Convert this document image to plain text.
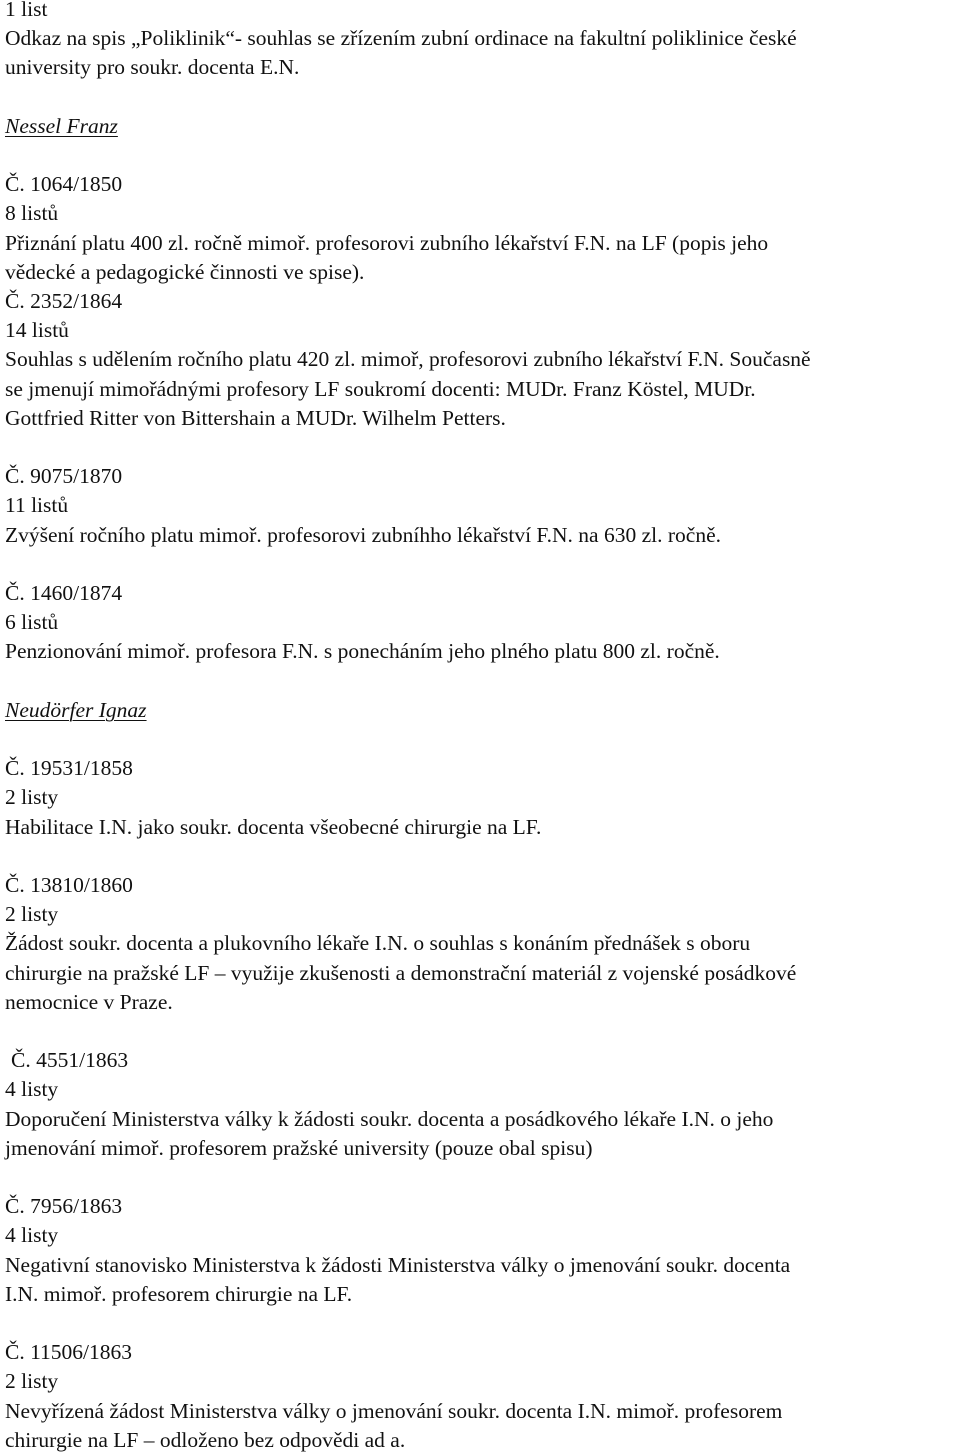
1 list
Odkaz na spis „Poliklinik“- souhlas se zřízením zubní ordinace na fakultní poliklinice české
university pro soukr. docenta E.N.
Nessel Franz
Č. 1064/1850
8 listů
Přiznání platu 400 zl. ročně mimoř. profesorovi zubního lékařství F.N. na LF (popis jeho
vědecké a pedagogické činnosti ve spise).
Č. 2352/1864
14 listů
Souhlas s udělením ročního platu 420 zl. mimoř, profesorovi zubního lékařství F.N. Současně
se jmenují mimořádnými profesory LF soukromí docenti: MUDr. Franz Köstel, MUDr.
Gottfried Ritter von Bittershain a MUDr. Wilhelm Petters.
Č. 9075/1870
11 listů
Zvýšení ročního platu mimoř. profesorovi zubníhho lékařství F.N. na 630 zl. ročně.
Č. 1460/1874
6 listů
Penzionování mimoř. profesora F.N. s ponecháním jeho plného platu 800 zl. ročně.
Neudörfer Ignaz
Č. 19531/1858
2 listy
Habilitace I.N. jako soukr. docenta všeobecné chirurgie na LF.
Č. 13810/1860
2 listy
Žádost soukr. docenta a plukovního lékaře I.N. o souhlas s konáním přednášek s oboru
chirurgie na pražské LF – využije zkušenosti a demonstrační materiál z vojenské posádkové
nemocnice v Praze.
Č. 4551/1863
4 listy
Doporučení Ministerstva války k žádosti soukr. docenta a posádkového lékaře I.N. o jeho
jmenování mimoř. profesorem pražské university (pouze obal spisu)
Č. 7956/1863
4 listy
Negativní stanovisko Ministerstva k žádosti Ministerstva války o jmenování soukr. docenta
I.N. mimoř. profesorem chirurgie na LF.
Č. 11506/1863
2 listy
Nevyřízená žádost Ministerstva války o jmenování soukr. docenta I.N. mimoř. profesorem
chirurgie na LF – odloženo bez odpovědi ad a.
